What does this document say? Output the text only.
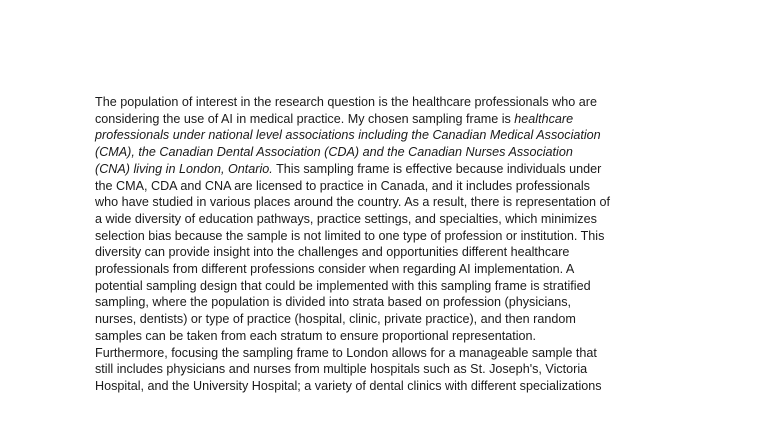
The population of interest in the research question is the healthcare professionals who are
considering the use of AI in medical practice. My chosen sampling frame is healthcare
professionals under national level associations including the Canadian Medical Association
(CMA), the Canadian Dental Association (CDA) and the Canadian Nurses Association
(CNA) living in London, Ontario. This sampling frame is effective because individuals under
the CMA, CDA and CNA are licensed to practice in Canada, and it includes professionals
who have studied in various places around the country. As a result, there is representation of
a wide diversity of education pathways, practice settings, and specialties, which minimizes
selection bias because the sample is not limited to one type of profession or institution. This
diversity can provide insight into the challenges and opportunities different healthcare
professionals from different professions consider when regarding AI implementation. A
potential sampling design that could be implemented with this sampling frame is stratified
sampling, where the population is divided into strata based on profession (physicians,
nurses, dentists) or type of practice (hospital, clinic, private practice), and then random
samples can be taken from each stratum to ensure proportional representation.
Furthermore, focusing the sampling frame to London allows for a manageable sample that
still includes physicians and nurses from multiple hospitals such as St. Joseph's, Victoria
Hospital, and the University Hospital; a variety of dental clinics with different specializations
